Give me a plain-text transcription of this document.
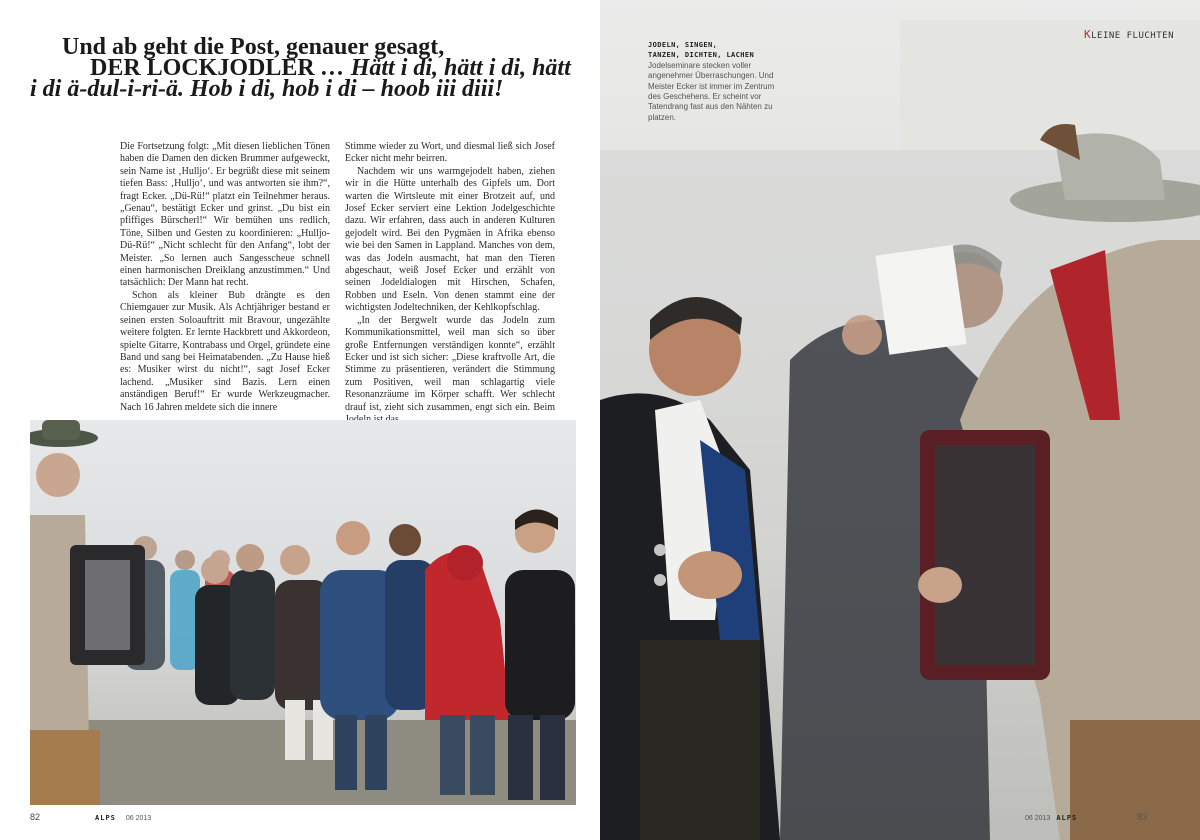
Und ab geht die Post, genauer gesagt,
DER LOCKJODLER … Hätt i di, hätt i di, hätt
i di ä-dul-i-ri-ä. Hob i di, hob i di – hoob iii diii!

Die Fortsetzung folgt: „Mit diesen lieblichen Tönen haben die Damen den dicken Brummer aufgeweckt, sein Name ist ‚Hulljo‘. Er begrüßt diese mit seinem tiefen Bass: ‚Hulljo‘, und was antworten sie ihm?“, fragt Ecker. „Dü-Rü!“ platzt ein Teilnehmer heraus. „Genau“, bestätigt Ecker und grinst. „Du bist ein pfiffiges Bürscherl!“ Wir bemühen uns redlich, Töne, Silben und Gesten zu koordinieren: „Hulljo-Dü-Rü!“ „Nicht schlecht für den Anfang“, lobt der Meister. „So lernen auch Sangesscheue schnell einen harmonischen Dreiklang anzustimmen.“ Und tatsächlich: Der Mann hat recht.

Schon als kleiner Bub drängte es den Chiemgauer zur Musik. Als Achtjähriger bestand er seinen ersten Soloauftritt mit Bravour, ungezählte weitere folgten. Er lernte Hackbrett und Akkordeon, spielte Gitarre, Kontrabass und Orgel, gründete eine Band und sang bei Heimatabenden. „Zu Hause hieß es: Musiker wirst du nicht!“, sagt Josef Ecker lachend. „Musiker sind Bazis. Lern einen anständigen Beruf!“ Er wurde Werkzeugmacher. Nach 16 Jahren meldete sich die innere

Stimme wieder zu Wort, und diesmal ließ sich Josef Ecker nicht mehr beirren.

Nachdem wir uns warmgejodelt haben, ziehen wir in die Hütte unterhalb des Gipfels um. Dort warten die Wirtsleute mit einer Brotzeit auf, und Josef Ecker serviert eine Lektion Jodelgeschichte dazu. Wir erfahren, dass auch in anderen Kulturen gejodelt wird. Bei den Pygmäen in Afrika ebenso wie bei den Samen in Lappland. Manches von dem, was das Jodeln ausmacht, hat man den Tieren abgeschaut, weiß Josef Ecker und erzählt von seinen Jodeldialogen mit Hirschen, Schafen, Robben und Eseln. Von denen stammt eine der wichtigsten Jodeltechniken, der Kehlkopfschlag.

„In der Bergwelt wurde das Jodeln zum Kommunikationsmittel, weil man sich so über große Entfernungen verständigen konnte“, erzählt Ecker und ist sich sicher: „Diese kraftvolle Art, die Stimme zu präsentieren, verändert die Stimmung zum Positiven, weil man schlagartig viele Resonanzräume im Körper schafft. Wer schlecht drauf ist, zieht sich zusammen, engt sich ein. Beim

82	ALPS 06 2013
JODELN, SINGEN,
TANZEN, DICHTEN, LACHEN
Jodelseminare stecken voller angenehmer Überraschungen. Und Meister Ecker ist immer im Zentrum des Geschehens. Er scheint vor Tatendrang fast aus den Nähten zu platzen.
KLEINE FLUCHTEN
06 2013 ALPS	83
